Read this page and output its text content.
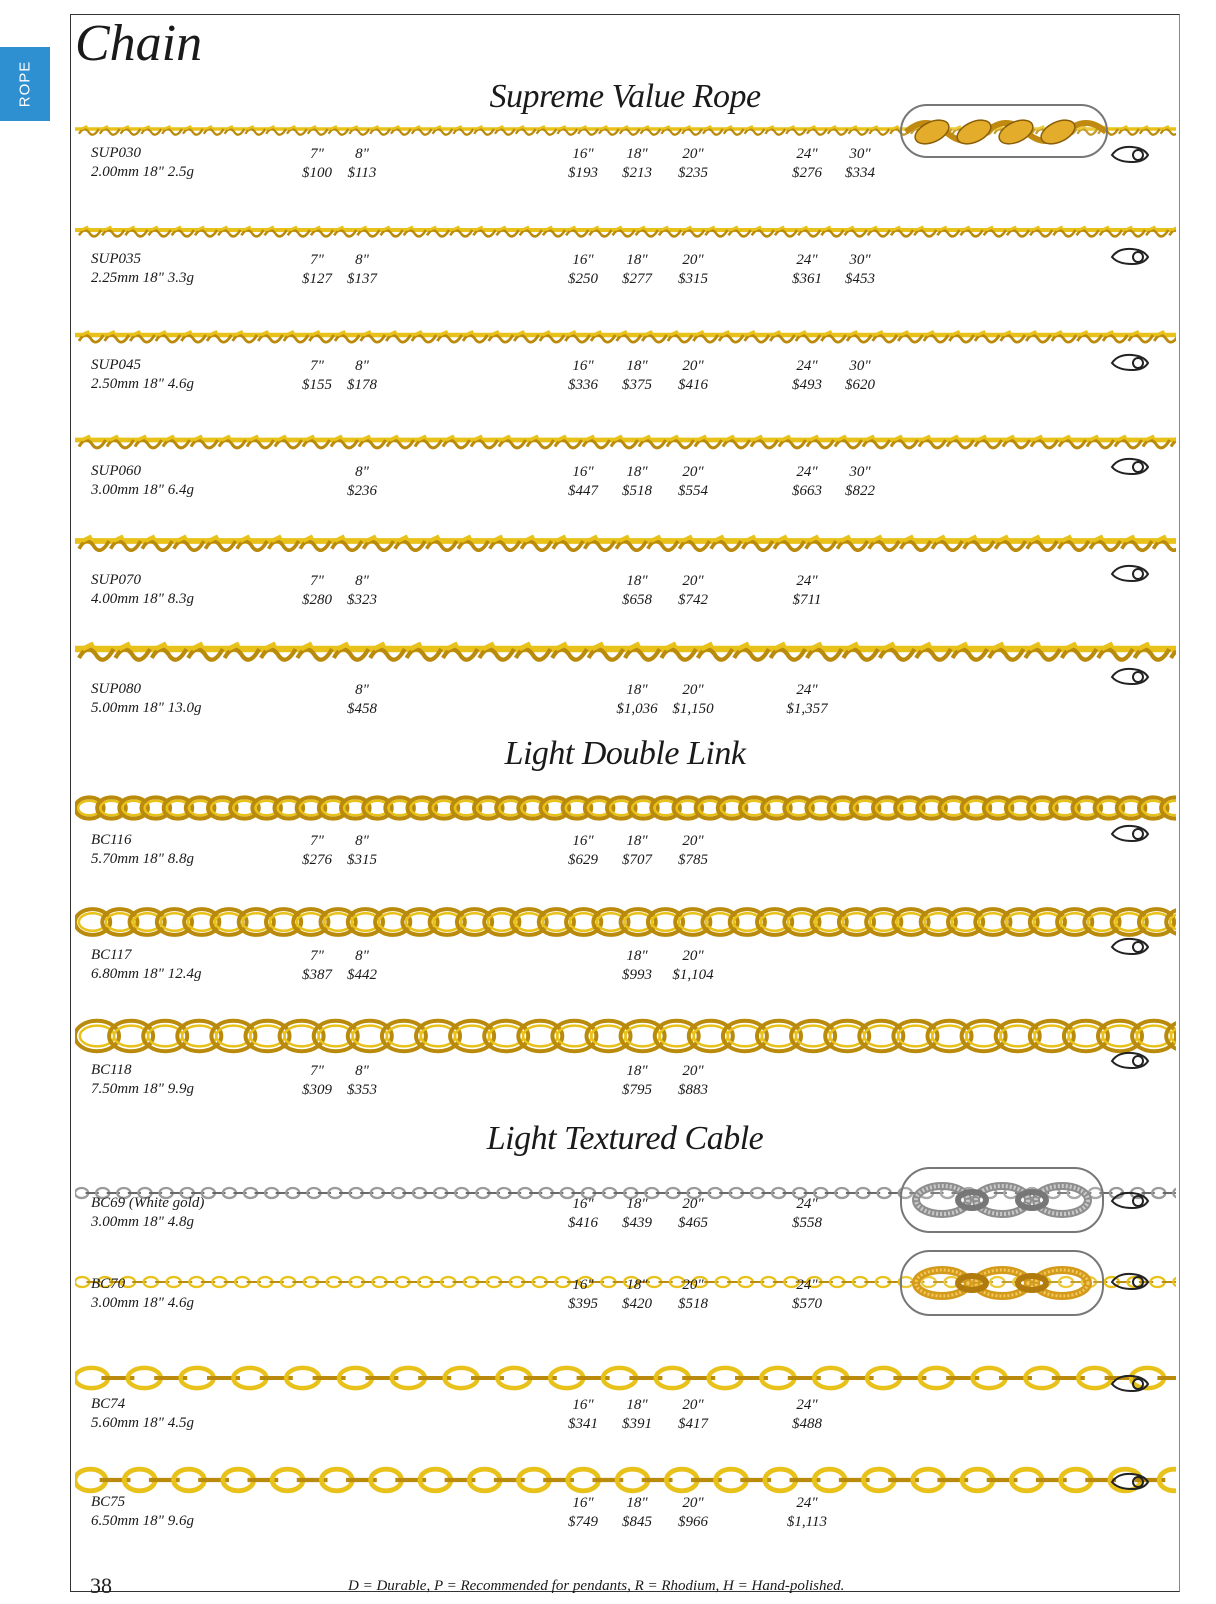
ROPE
Chain
Supreme Value Rope
Light Double Link
Light Textured Cable
SUP030
2.00mm 18" 2.5g
7"
$100
8"
$113
16"
$193
18"
$213
20"
$235
24"
$276
30"
$334
SUP035
2.25mm 18" 3.3g
7"
$127
8"
$137
16"
$250
18"
$277
20"
$315
24"
$361
30"
$453
SUP045
2.50mm 18" 4.6g
7"
$155
8"
$178
16"
$336
18"
$375
20"
$416
24"
$493
30"
$620
SUP060
3.00mm 18" 6.4g
8"
$236
16"
$447
18"
$518
20"
$554
24"
$663
30"
$822
SUP070
4.00mm 18" 8.3g
7"
$280
8"
$323
18"
$658
20"
$742
24"
$711
SUP080
5.00mm 18" 13.0g
8"
$458
18"
$1,036
20"
$1,150
24"
$1,357
BC116
5.70mm 18" 8.8g
7"
$276
8"
$315
16"
$629
18"
$707
20"
$785
BC117
6.80mm 18" 12.4g
7"
$387
8"
$442
18"
$993
20"
$1,104
BC118
7.50mm 18" 9.9g
7"
$309
8"
$353
18"
$795
20"
$883
BC69 (White gold)
3.00mm 18" 4.8g
16"
$416
18"
$439
20"
$465
24"
$558
BC70
3.00mm 18" 4.6g
16"
$395
18"
$420
20"
$518
24"
$570
BC74
5.60mm 18" 4.5g
16"
$341
18"
$391
20"
$417
24"
$488
BC75
6.50mm 18" 9.6g
16"
$749
18"
$845
20"
$966
24"
$1,113
38	D = Durable, P = Recommended for pendants, R = Rhodium, H = Hand-polished.
